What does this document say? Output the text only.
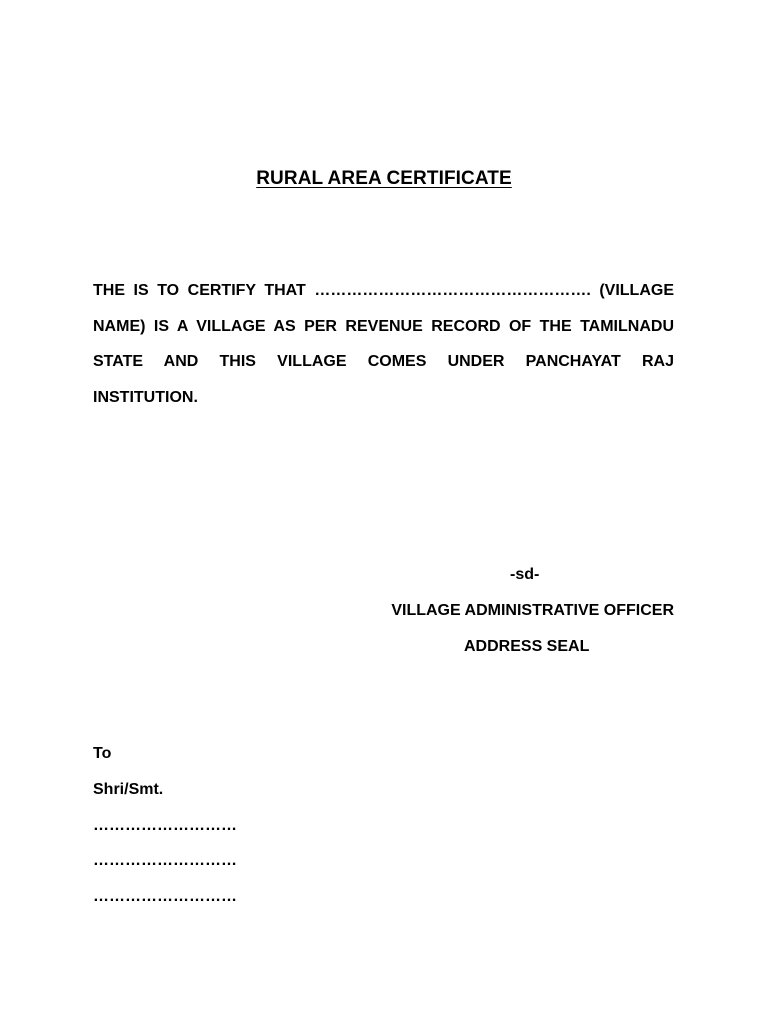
RURAL AREA CERTIFICATE
THE IS TO CERTIFY THAT ……………………………………………. (VILLAGE
NAME) IS A VILLAGE AS PER REVENUE RECORD OF THE TAMILNADU
STATE AND THIS VILLAGE COMES UNDER PANCHAYAT RAJ
INSTITUTION.
-sd-
VILLAGE ADMINISTRATIVE OFFICER
ADDRESS SEAL
To
Shri/Smt.
………………………
………………………
………………………
